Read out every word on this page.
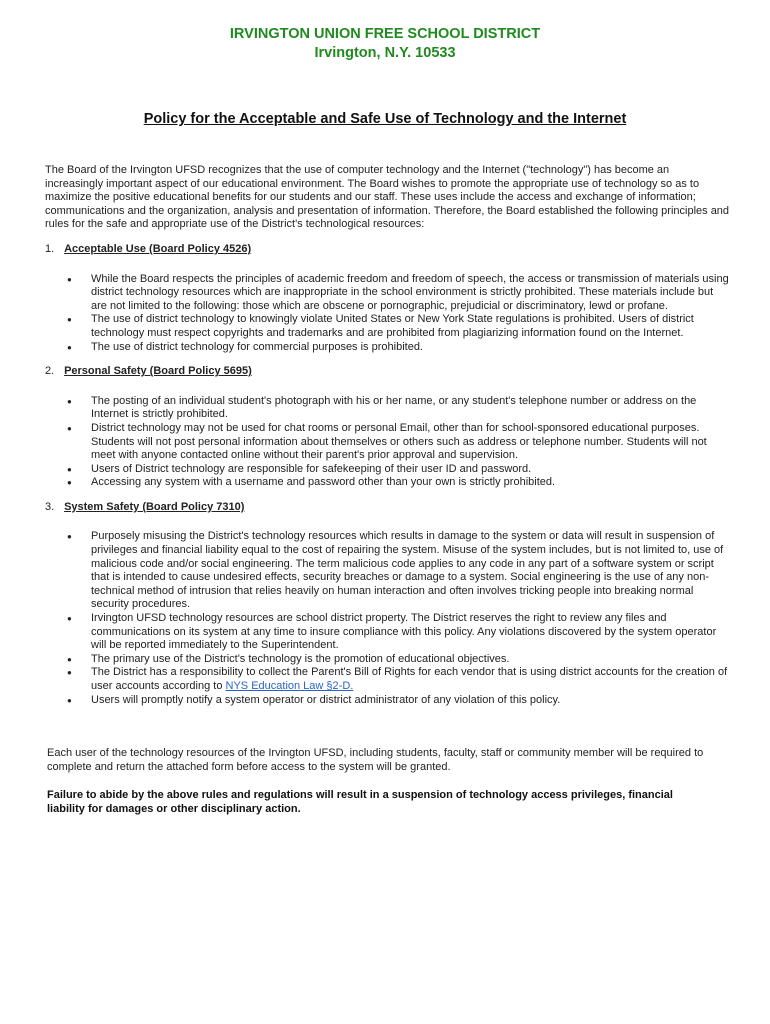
IRVINGTON UNION FREE SCHOOL DISTRICT
Irvington, N.Y. 10533
Policy for the Acceptable and Safe Use of Technology and the Internet
The Board of the Irvington UFSD recognizes that the use of computer technology and the Internet ("technology") has become an increasingly important aspect of our educational environment. The Board wishes to promote the appropriate use of technology so as to maximize the positive educational benefits for our students and our staff. These uses include the access and exchange of information; communications and the organization, analysis and presentation of information. Therefore, the Board established the following principles and rules for the safe and appropriate use of the District's technological resources:
1. Acceptable Use (Board Policy 4526)
● While the Board respects the principles of academic freedom and freedom of speech, the access or transmission of materials using district technology resources which are inappropriate in the school environment is strictly prohibited. These materials include but are not limited to the following: those which are obscene or pornographic, prejudicial or discriminatory, lewd or profane.
● The use of district technology to knowingly violate United States or New York State regulations is prohibited. Users of district technology must respect copyrights and trademarks and are prohibited from plagiarizing information found on the Internet.
● The use of district technology for commercial purposes is prohibited.
2. Personal Safety (Board Policy 5695)
● The posting of an individual student's photograph with his or her name, or any student's telephone number or address on the Internet is strictly prohibited.
● District technology may not be used for chat rooms or personal Email, other than for school-sponsored educational purposes. Students will not post personal information about themselves or others such as address or telephone number. Students will not meet with anyone contacted online without their parent's prior approval and supervision.
● Users of District technology are responsible for safekeeping of their user ID and password.
● Accessing any system with a username and password other than your own is strictly prohibited.
3. System Safety (Board Policy 7310)
● Purposely misusing the District's technology resources which results in damage to the system or data will result in suspension of privileges and financial liability equal to the cost of repairing the system. Misuse of the system includes, but is not limited to, use of malicious code and/or social engineering. The term malicious code applies to any code in any part of a software system or script that is intended to cause undesired effects, security breaches or damage to a system. Social engineering is the use of any non-technical method of intrusion that relies heavily on human interaction and often involves tricking people into breaking normal security procedures.
● Irvington UFSD technology resources are school district property. The District reserves the right to review any files and communications on its system at any time to insure compliance with this policy. Any violations discovered by the system operator will be reported immediately to the Superintendent.
● The primary use of the District's technology is the promotion of educational objectives.
● The District has a responsibility to collect the Parent's Bill of Rights for each vendor that is using district accounts for the creation of user accounts according to NYS Education Law §2-D.
● Users will promptly notify a system operator or district administrator of any violation of this policy.
Each user of the technology resources of the Irvington UFSD, including students, faculty, staff or community member will be required to complete and return the attached form before access to the system will be granted.
Failure to abide by the above rules and regulations will result in a suspension of technology access privileges, financial liability for damages or other disciplinary action.
